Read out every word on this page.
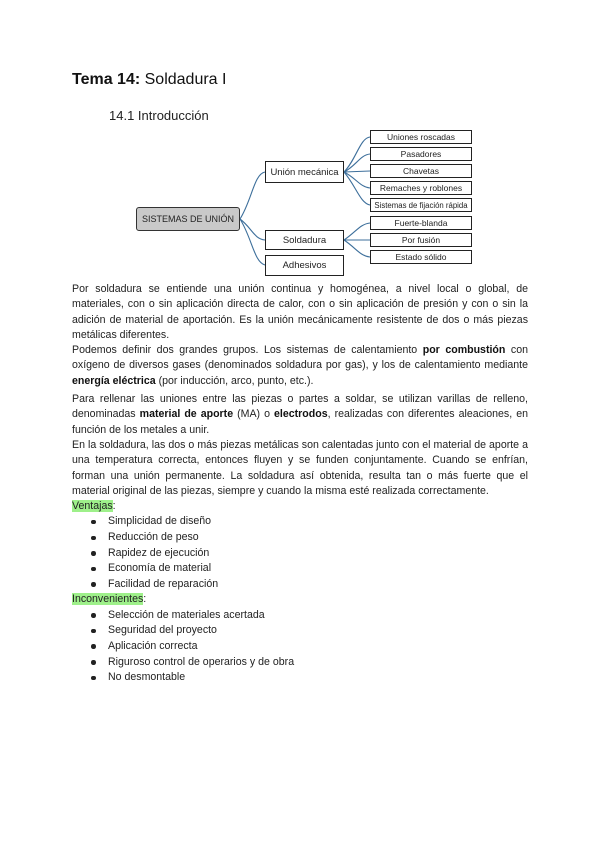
Tema 14: Soldadura I
14.1 Introducción
SISTEMAS DE UNIÓN
Unión mecánica
Soldadura
Adhesivos
Uniones roscadas
Pasadores
Chavetas
Remaches y roblones
Sistemas de fijación rápida
Fuerte-blanda
Por fusión
Estado sólido

Por soldadura se entiende una unión continua y homogénea, a nivel local o global, de materiales, con o sin aplicación directa de calor, con o sin aplicación de presión y con o sin la adición de material de aportación. Es la unión mecánicamente resistente de dos o más piezas metálicas diferentes.

Podemos definir dos grandes grupos. Los sistemas de calentamiento por combustión con oxígeno de diversos gases (denominados soldadura por gas), y los de calentamiento mediante energía eléctrica (por inducción, arco, punto, etc.).

Para rellenar las uniones entre las piezas o partes a soldar, se utilizan varillas de relleno, denominadas material de aporte (MA) o electrodos, realizadas con diferentes aleaciones, en función de los metales a unir.

En la soldadura, las dos o más piezas metálicas son calentadas junto con el material de aporte a una temperatura correcta, entonces fluyen y se funden conjuntamente. Cuando se enfrían, forman una unión permanente. La soldadura así obtenida, resulta tan o más fuerte que el material original de las piezas, siempre y cuando la misma esté realizada correctamente.

Ventajas:

Simplicidad de diseño
Reducción de peso
Rapidez de ejecución
Economía de material
Facilidad de reparación

Inconvenientes:

Selección de materiales acertada
Seguridad del proyecto
Aplicación correcta
Riguroso control de operarios y de obra
No desmontable
